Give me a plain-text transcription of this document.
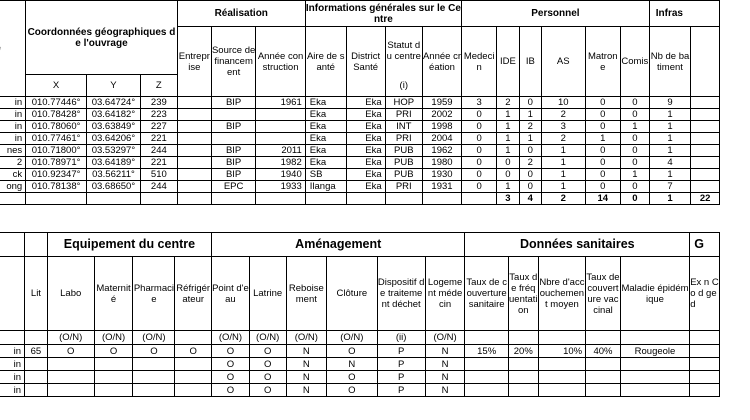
	Coordonnées géographiques de l'ouvrage			Réalisation			Informations générales sur le Centre				Personnel						Infras	
				Entreprise	Source de financement	Année construction	Aire de santé	District Santé	Statut du centre	Année création	Medecin	IDE	IB	AS	Matrone	Comis	Nb de batiment	
	X	Y	Z						(i)									
in	010.77446°	03.64724°	239		BIP	1961	Eka	Eka	HOP	1959	3	2	0	10	0	0	9	
in	010.78428°	03.64182°	223				Eka	Eka	PRI	2002	0	1	1	2	0	0	1	
in	010.78060°	03.63849°	227		BIP		Eka	Eka	INT	1998	0	1	2	3	0	1	1	
in	010.77461°	03.64206°	221				Eka	Eka	PRI	2004	0	1	1	2	1	0	1	
nes	010.71800°	03.53297°	244		BIP	2011	Eka	Eka	PUB	1962	0	1	0	1	0	0	1	
2	010.78971°	03.64189°	221		BIP	1982	Eka	Eka	PUB	1980	0	0	2	1	0	0	4	
ck	010.92347°	03.56211°	510		BIP	1940	SB	Eka	PUB	1930	0	0	0	1	0	1	1	
ong	010.78138°	03.68650°	244		EPC	1933	Ilanga	Eka	PRI	1931	0	1	0	1	0	0	7	
												3	4	2	14	0	1	22
		Equipement du centre				Aménagement						Données sanitaires					G
	Lit	Labo	Maternité	Pharmacie	Réfrigérateur	Point d'eau	Latrine	Reboisement	Clôture	Dispositif de traitement déchet	Logement médecin	Taux de couverture sanitaire	Taux de fréquentation	Nbre d'accouchement moyen	Taux de couverture vaccinal	Maladie épidémique	Ex n Co d ge d
		(O/N)	(O/N)	(O/N)		(O/N)	(O/N)	(O/N)	(O/N)	(ii)	(O/N)						
in	65	O	O	O	O	O	O	N	O	P	N	15%	20%	10%	40%	Rougeole	
in						O	O	N	N	P	N						
in						O	O	N	O	P	N						
in						O	O	N	O	P	N						
